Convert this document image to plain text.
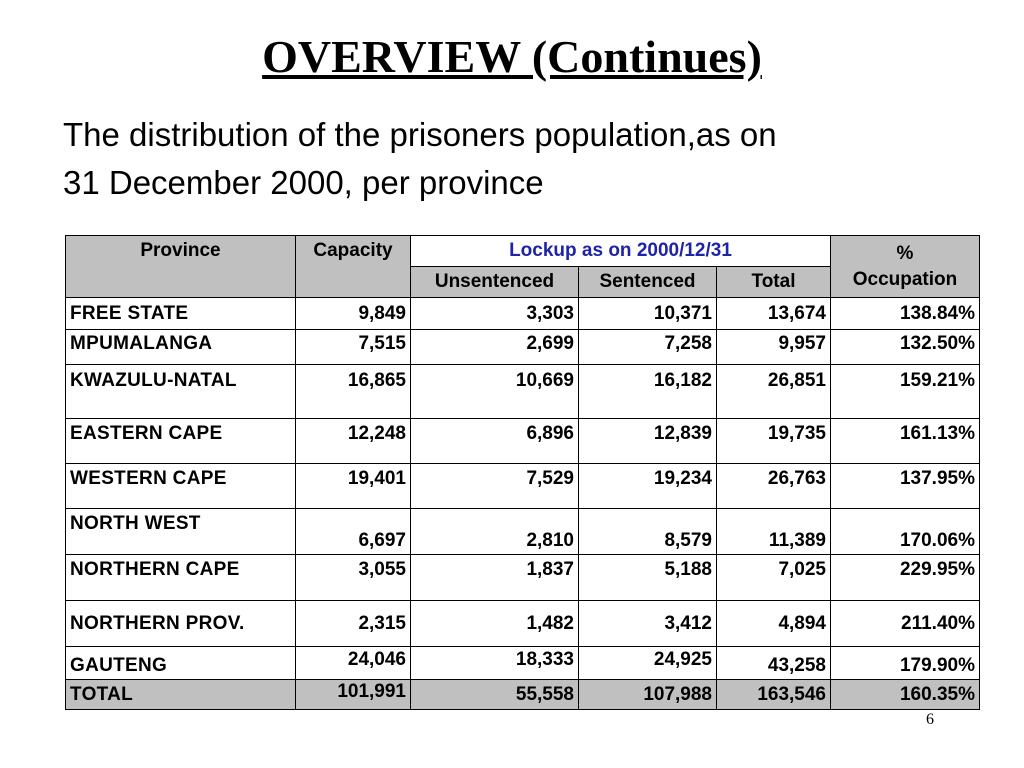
OVERVIEW (Continues)
The distribution of the prisoners population,as on
31 December 2000, per province
Province	Capacity	Lockup as on 2000/12/31			%
Occupation

		Unsentenced	Sentenced	Total	
FREE STATE	9,849	3,303	10,371	13,674	138.84%
MPUMALANGA	7,515	2,699	7,258	9,957	132.50%
KWAZULU-NATAL	16,865	10,669	16,182	26,851	159.21%
EASTERN CAPE	12,248	6,896	12,839	19,735	161.13%
WESTERN CAPE	19,401	7,529	19,234	26,763	137.95%
NORTH WEST	6,697	2,810	8,579	11,389	170.06%
NORTHERN CAPE	3,055	1,837	5,188	7,025	229.95%
NORTHERN PROV.	2,315	1,482	3,412	4,894	211.40%
GAUTENG	24,046	18,333	24,925	43,258	179.90%
TOTAL	101,991	55,558	107,988	163,546	160.35%
6
